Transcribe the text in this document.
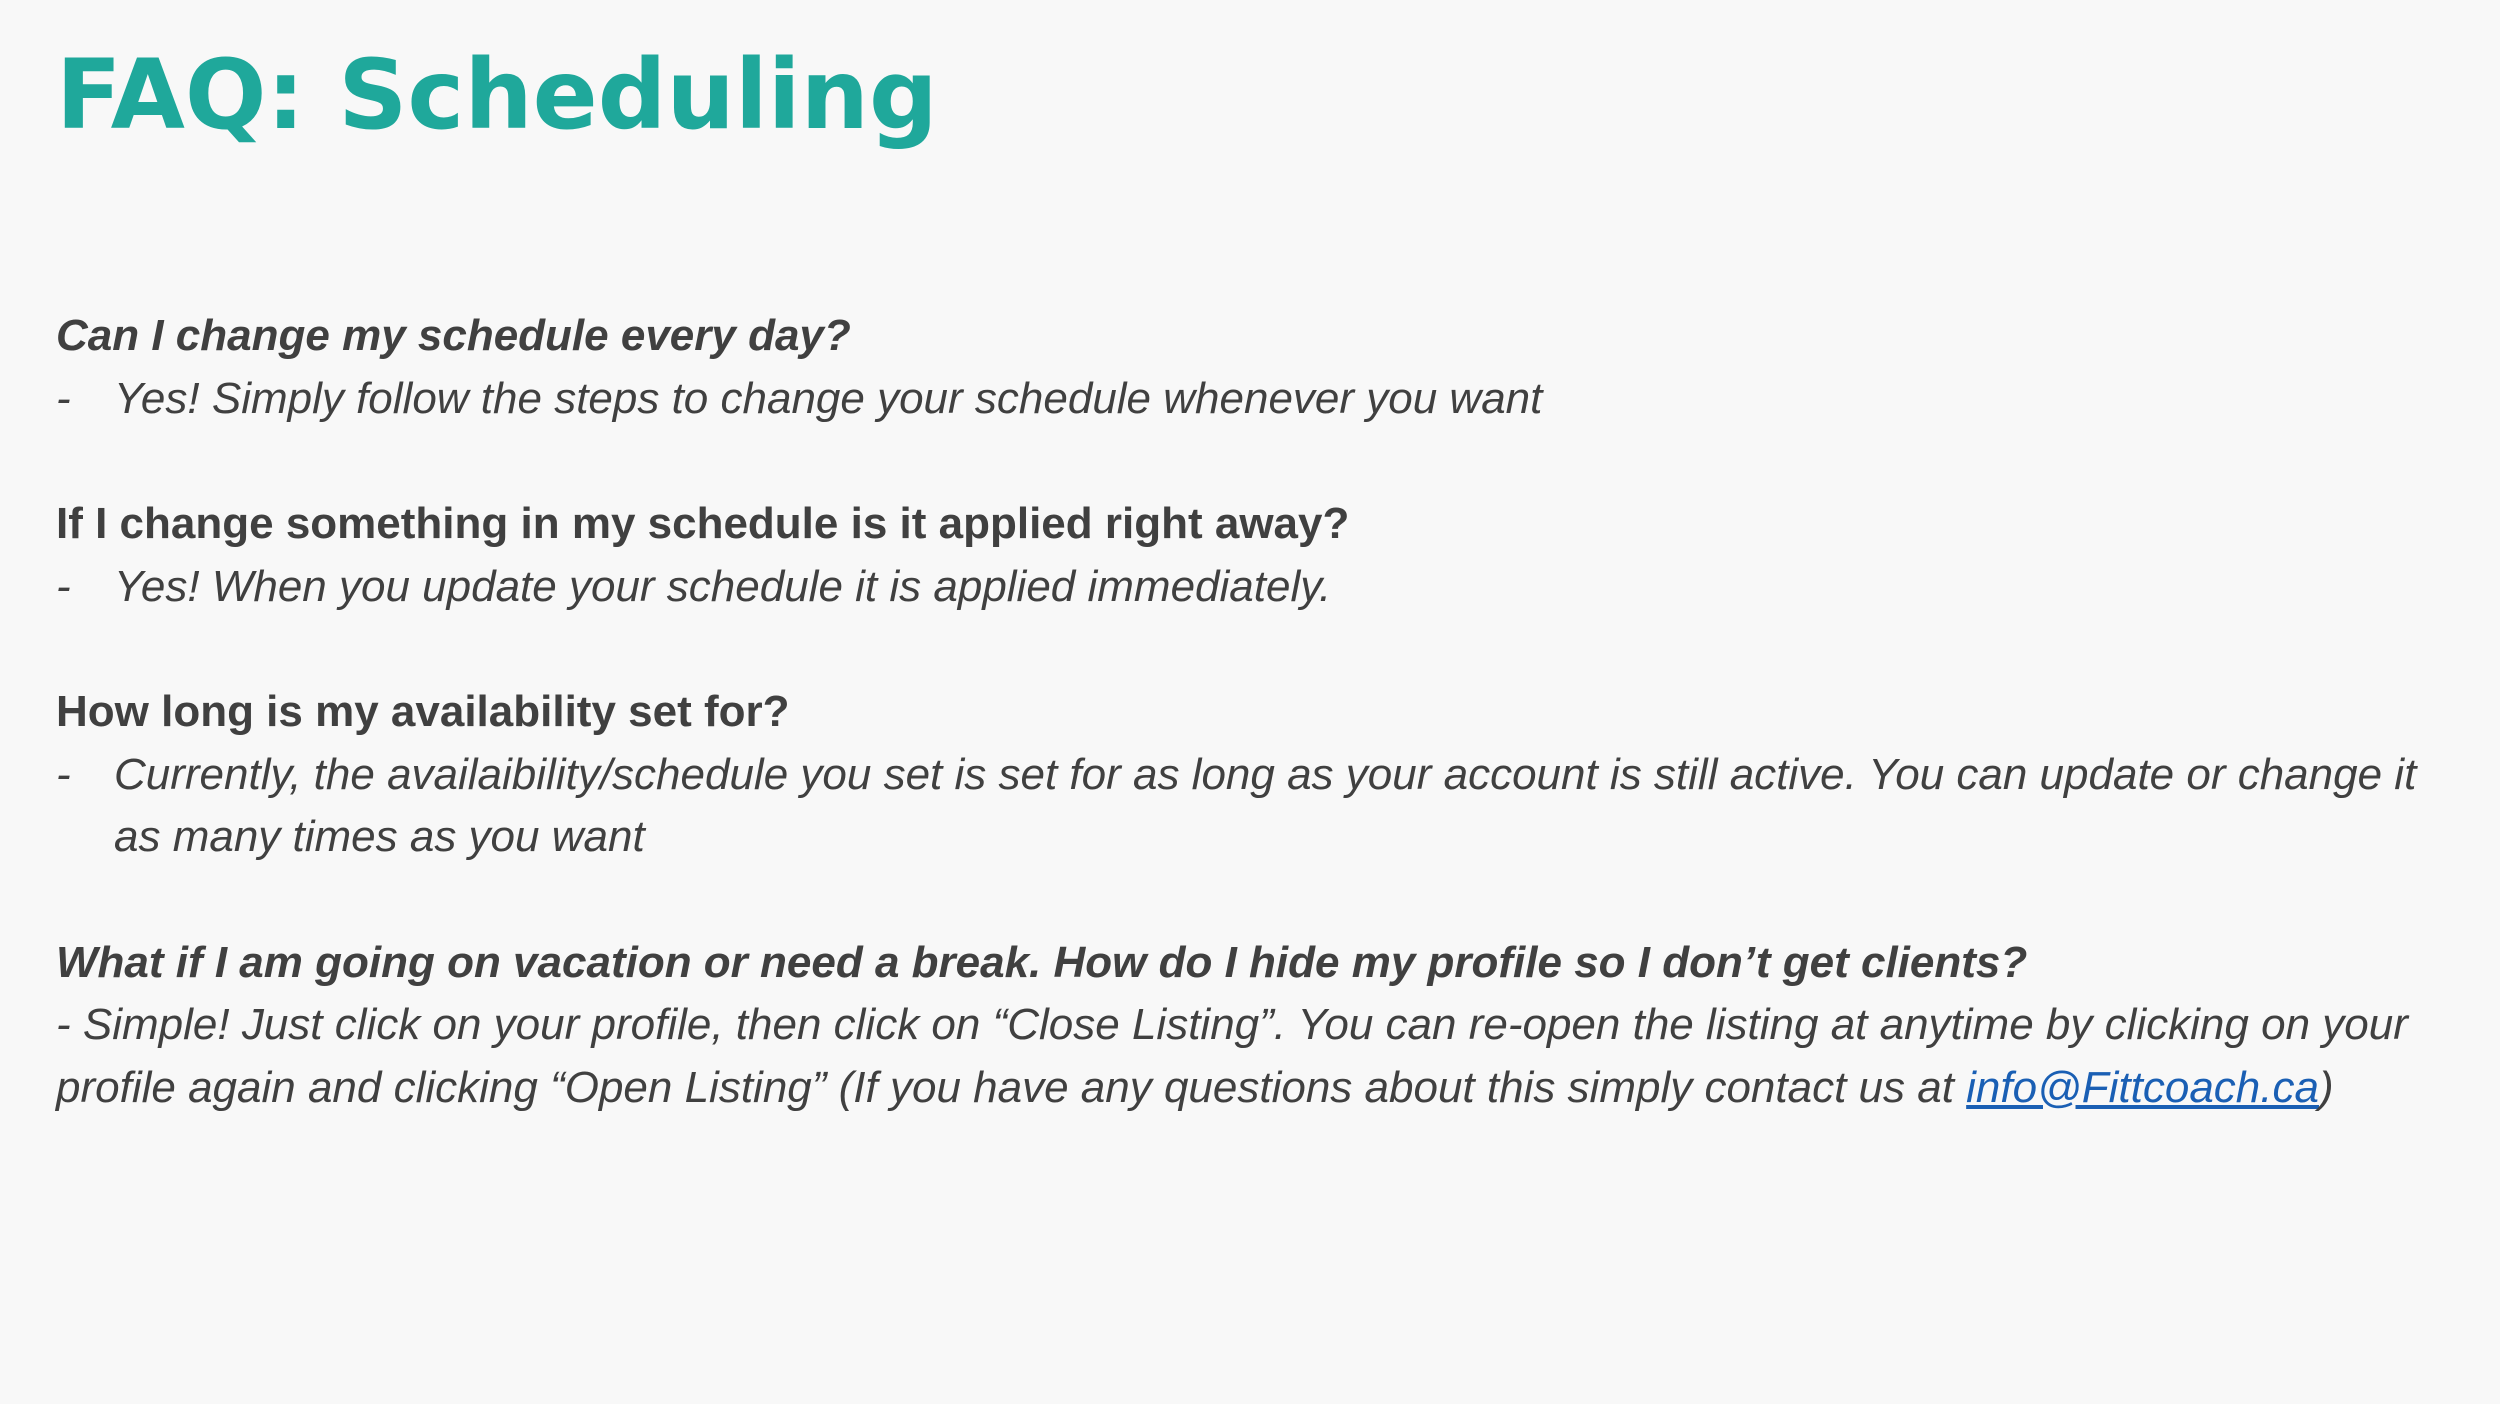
FAQ: Scheduling

Can I change my schedule every day?

- Yes! Simply follow the steps to change your schedule whenever you want

If I change something in my schedule is it applied right away?

- Yes! When you update your schedule it is applied immediately.

How long is my availability set for?

- Currently, the availaibility/schedule you set is set for as long as your account is still active. You can update or change it as many times as you want

What if I am going on vacation or need a break. How do I hide my profile so I don’t get clients?

- Simple! Just click on your profile, then click on “Close Listing”. You can re-open the listing at anytime by clicking on your profile again and clicking “Open Listing” (If you have any questions about this simply contact us at info@Fittcoach.ca)
